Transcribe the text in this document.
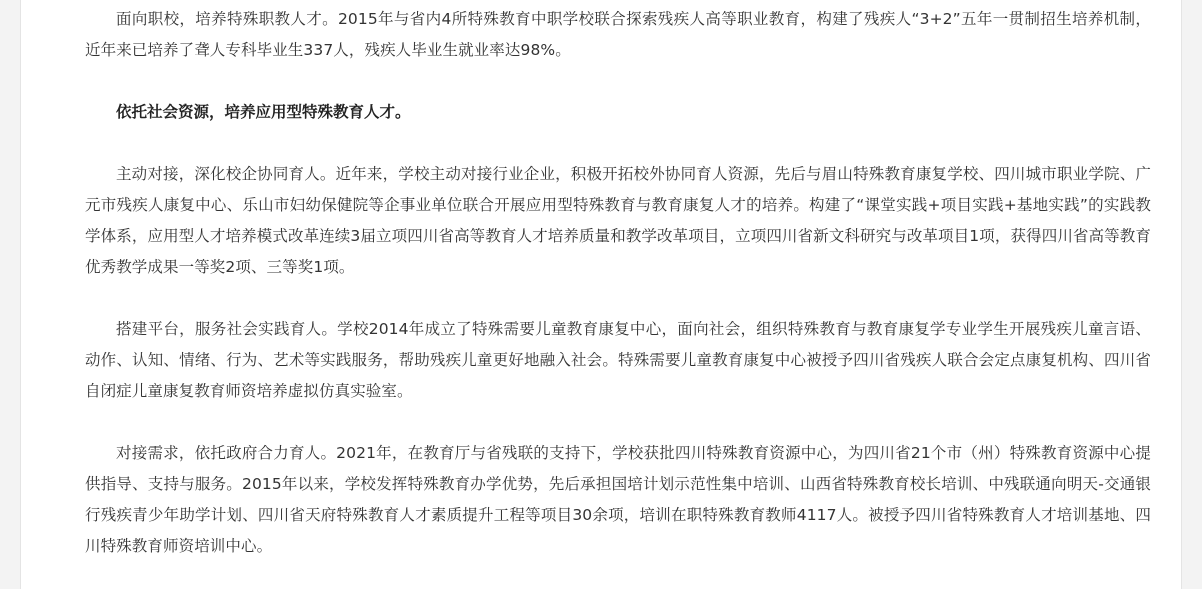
面向职校，培养特殊职教人才。2015年与省内4所特殊教育中职学校联合探索残疾人高等职业教育，构建了残疾人“3+2”五年一贯制招生培养机制，近年来已培养了聋人专科毕业生337人，残疾人毕业生就业率达98%。

依托社会资源，培养应用型特殊教育人才。

主动对接，深化校企协同育人。近年来，学校主动对接行业企业，积极开拓校外协同育人资源，先后与眉山特殊教育康复学校、四川城市职业学院、广元市残疾人康复中心、乐山市妇幼保健院等企事业单位联合开展应用型特殊教育与教育康复人才的培养。构建了“课堂实践+项目实践+基地实践”的实践教学体系，应用型人才培养模式改革连续3届立项四川省高等教育人才培养质量和教学改革项目，立项四川省新文科研究与改革项目1项，获得四川省高等教育优秀教学成果一等奖2项、三等奖1项。

搭建平台，服务社会实践育人。学校2014年成立了特殊需要儿童教育康复中心，面向社会，组织特殊教育与教育康复学专业学生开展残疾儿童言语、动作、认知、情绪、行为、艺术等实践服务，帮助残疾儿童更好地融入社会。特殊需要儿童教育康复中心被授予四川省残疾人联合会定点康复机构、四川省自闭症儿童康复教育师资培养虚拟仿真实验室。

对接需求，依托政府合力育人。2021年，在教育厅与省残联的支持下，学校获批四川特殊教育资源中心，为四川省21个市（州）特殊教育资源中心提供指导、支持与服务。2015年以来，学校发挥特殊教育办学优势，先后承担国培计划示范性集中培训、山西省特殊教育校长培训、中残联通向明天-交通银行残疾青少年助学计划、四川省天府特殊教育人才素质提升工程等项目30余项，培训在职特殊教育教师4117人。被授予四川省特殊教育人才培训基地、四川特殊教育师资培训中心。
